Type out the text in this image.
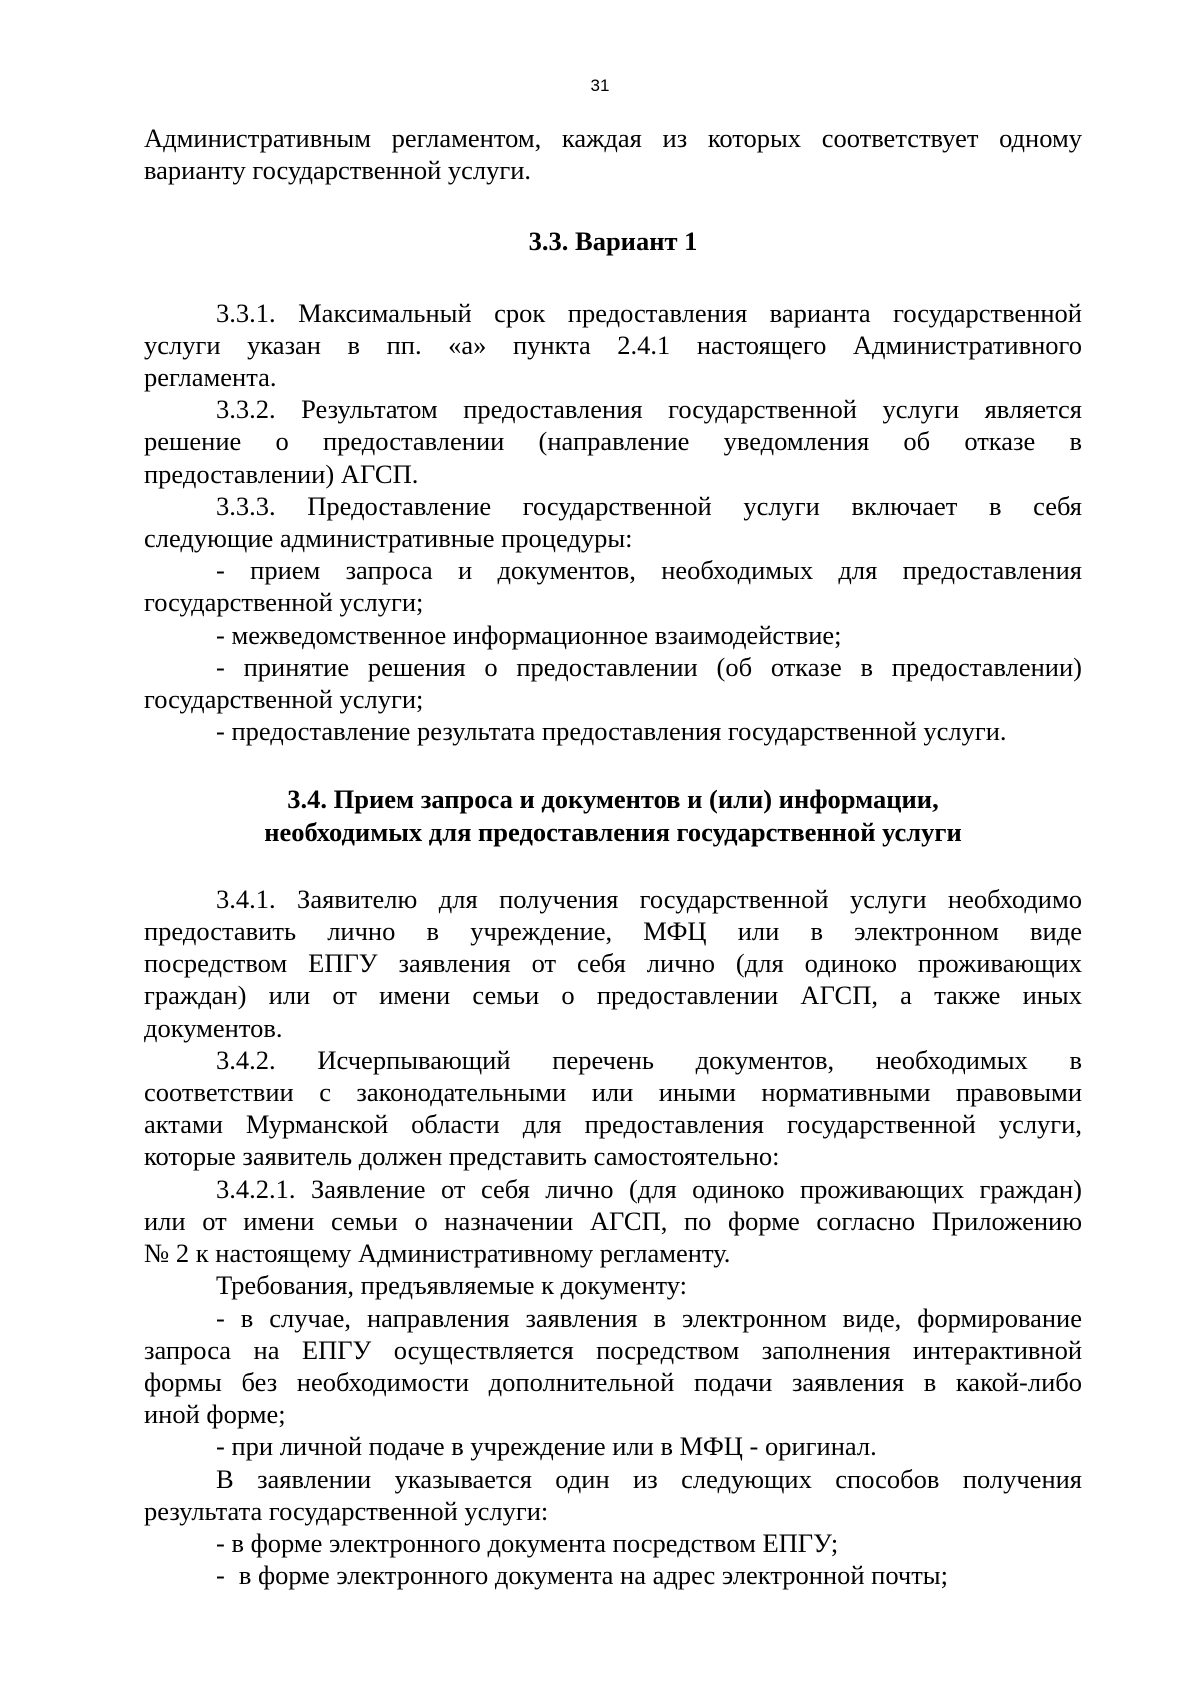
31
Административным регламентом, каждая из которых соответствует одному
варианту государственной услуги.
3.3. Вариант 1
3.3.1. Максимальный срок предоставления варианта государственной
услуги указан в пп. «а» пункта 2.4.1 настоящего Административного
регламента.
3.3.2. Результатом предоставления государственной услуги является
решение о предоставлении (направление уведомления об отказе в
предоставлении) АГСП.
3.3.3. Предоставление государственной услуги включает в себя
следующие административные процедуры:
- прием запроса и документов, необходимых для предоставления
государственной услуги;
- межведомственное информационное взаимодействие;
- принятие решения о предоставлении (об отказе в предоставлении)
государственной услуги;
- предоставление результата предоставления государственной услуги.
3.4. Прием запроса и документов и (или) информации,
необходимых для предоставления государственной услуги
3.4.1. Заявителю для получения государственной услуги необходимо
предоставить лично в учреждение, МФЦ или в электронном виде
посредством ЕПГУ заявления от себя лично (для одиноко проживающих
граждан) или от имени семьи о предоставлении АГСП, а также иных
документов.
3.4.2. Исчерпывающий перечень документов, необходимых в
соответствии с законодательными или иными нормативными правовыми
актами Мурманской области для предоставления государственной услуги,
которые заявитель должен представить самостоятельно:
3.4.2.1. Заявление от себя лично (для одиноко проживающих граждан)
или от имени семьи о назначении АГСП, по форме согласно Приложению
№ 2 к настоящему Административному регламенту.
Требования, предъявляемые к документу:
- в случае, направления заявления в электронном виде, формирование
запроса на ЕПГУ осуществляется посредством заполнения интерактивной
формы без необходимости дополнительной подачи заявления в какой-либо
иной форме;
- при личной подаче в учреждение или в МФЦ - оригинал.
В заявлении указывается один из следующих способов получения
результата государственной услуги:
- в форме электронного документа посредством ЕПГУ;
- в форме электронного документа на адрес электронной почты;
